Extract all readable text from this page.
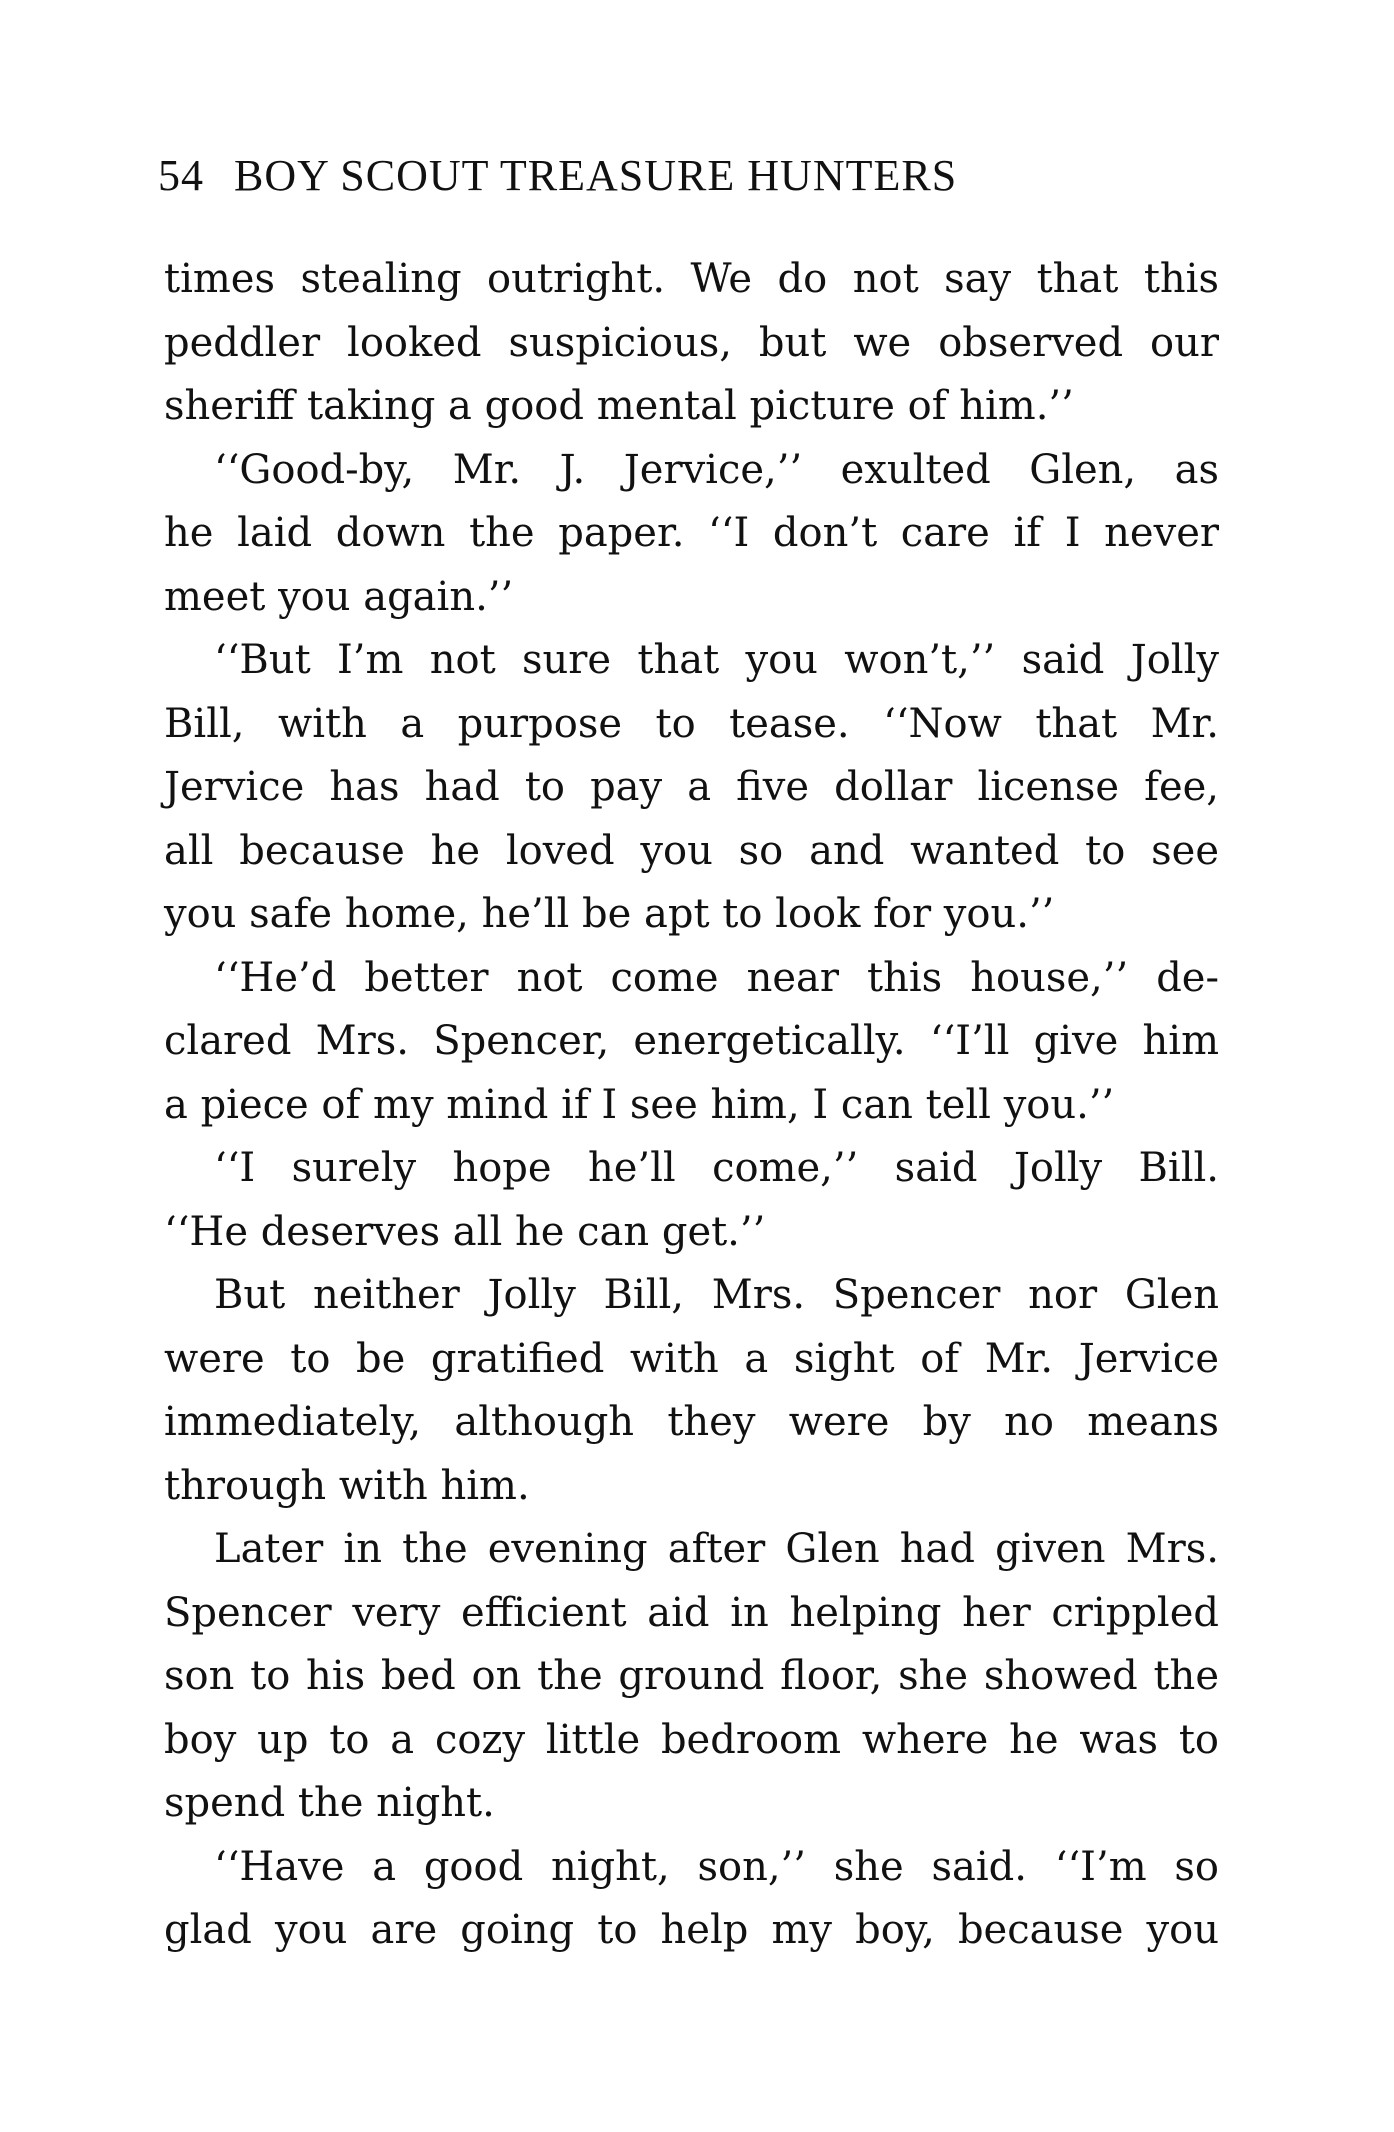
54 BOY SCOUT TREASURE HUNTERS
times stealing outright. We do not say that this
peddler looked suspicious, but we observed our
sheriff taking a good mental picture of him.’’
‘‘Good-by, Mr. J. Jervice,’’ exulted Glen, as
he laid down the paper. ‘‘I don’t care if I never
meet you again.’’
‘‘But I’m not sure that you won’t,’’ said Jolly
Bill, with a purpose to tease. ‘‘Now that Mr.
Jervice has had to pay a five dollar license fee,
all because he loved you so and wanted to see
you safe home, he’ll be apt to look for you.’’
‘‘He’d better not come near this house,’’ de-
clared Mrs. Spencer, energetically. ‘‘I’ll give him
a piece of my mind if I see him, I can tell you.’’
‘‘I surely hope he’ll come,’’ said Jolly Bill.
‘‘He deserves all he can get.’’
But neither Jolly Bill, Mrs. Spencer nor Glen
were to be gratified with a sight of Mr. Jervice
immediately, although they were by no means
through with him.
Later in the evening after Glen had given Mrs.
Spencer very efficient aid in helping her crippled
son to his bed on the ground floor, she showed the
boy up to a cozy little bedroom where he was to
spend the night.
‘‘Have a good night, son,’’ she said. ‘‘I’m so
glad you are going to help my boy, because you
